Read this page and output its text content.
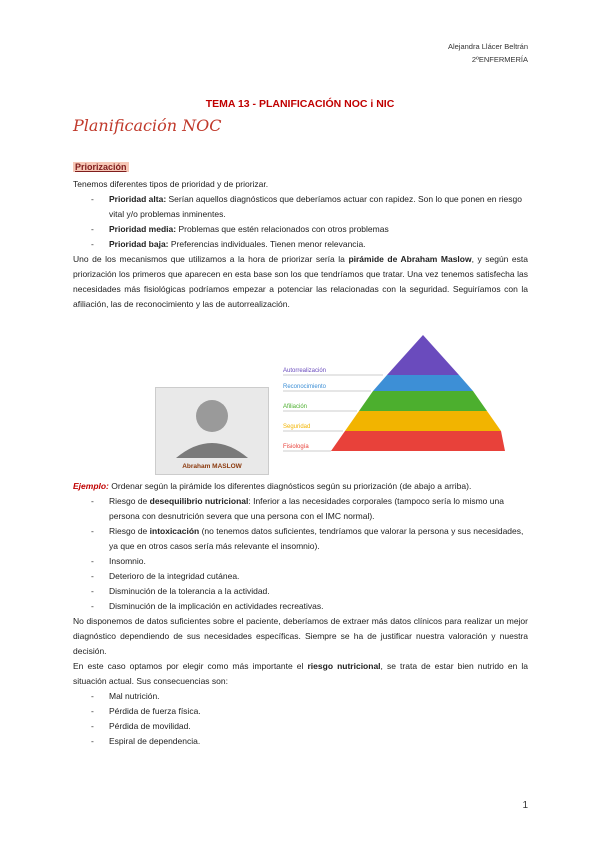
Alejandra Llácer Beltrán
2ºENFERMERÍA
TEMA 13 - PLANIFICACIÓN NOC i NIC
Planificación NOC
Priorización
Tenemos diferentes tipos de prioridad y de priorizar.
- Prioridad alta: Serían aquellos diagnósticos que deberíamos actuar con rapidez. Son lo que ponen en riesgo vital y/o problemas inminentes.
- Prioridad media: Problemas que estén relacionados con otros problemas
- Prioridad baja: Preferencias individuales. Tienen menor relevancia.
Uno de los mecanismos que utilizamos a la hora de priorizar sería la pirámide de Abraham Maslow, y según esta priorización los primeros que aparecen en esta base son los que tendríamos que tratar. Una vez tenemos satisfecha las necesidades más fisiológicas podríamos empezar a potenciar las relacionadas con la seguridad. Seguiríamos con la afiliación, las de reconocimiento y las de autorrealización.
Abraham MASLOW
Autorrealización
Reconocimiento
Afiliación
Seguridad
Fisiología
Ejemplo: Ordenar según la pirámide los diferentes diagnósticos según su priorización (de abajo a arriba).
- Riesgo de desequilibrio nutricional: Inferior a las necesidades corporales (tampoco sería lo mismo una persona con desnutrición severa que una persona con el IMC normal).
- Riesgo de intoxicación (no tenemos datos suficientes, tendríamos que valorar la persona y sus necesidades, ya que en otros casos sería más relevante el insomnio).
- Insomnio.
- Deterioro de la integridad cutánea.
- Disminución de la tolerancia a la actividad.
- Disminución de la implicación en actividades recreativas.
No disponemos de datos suficientes sobre el paciente, deberíamos de extraer más datos clínicos para realizar un mejor diagnóstico dependiendo de sus necesidades específicas. Siempre se ha de justificar nuestra valoración y nuestra decisión.
En este caso optamos por elegir como más importante el riesgo nutricional, se trata de estar bien nutrido en la situación actual. Sus consecuencias son:
- Mal nutrición.
- Pérdida de fuerza física.
- Pérdida de movilidad.
- Espiral de dependencia.
1
